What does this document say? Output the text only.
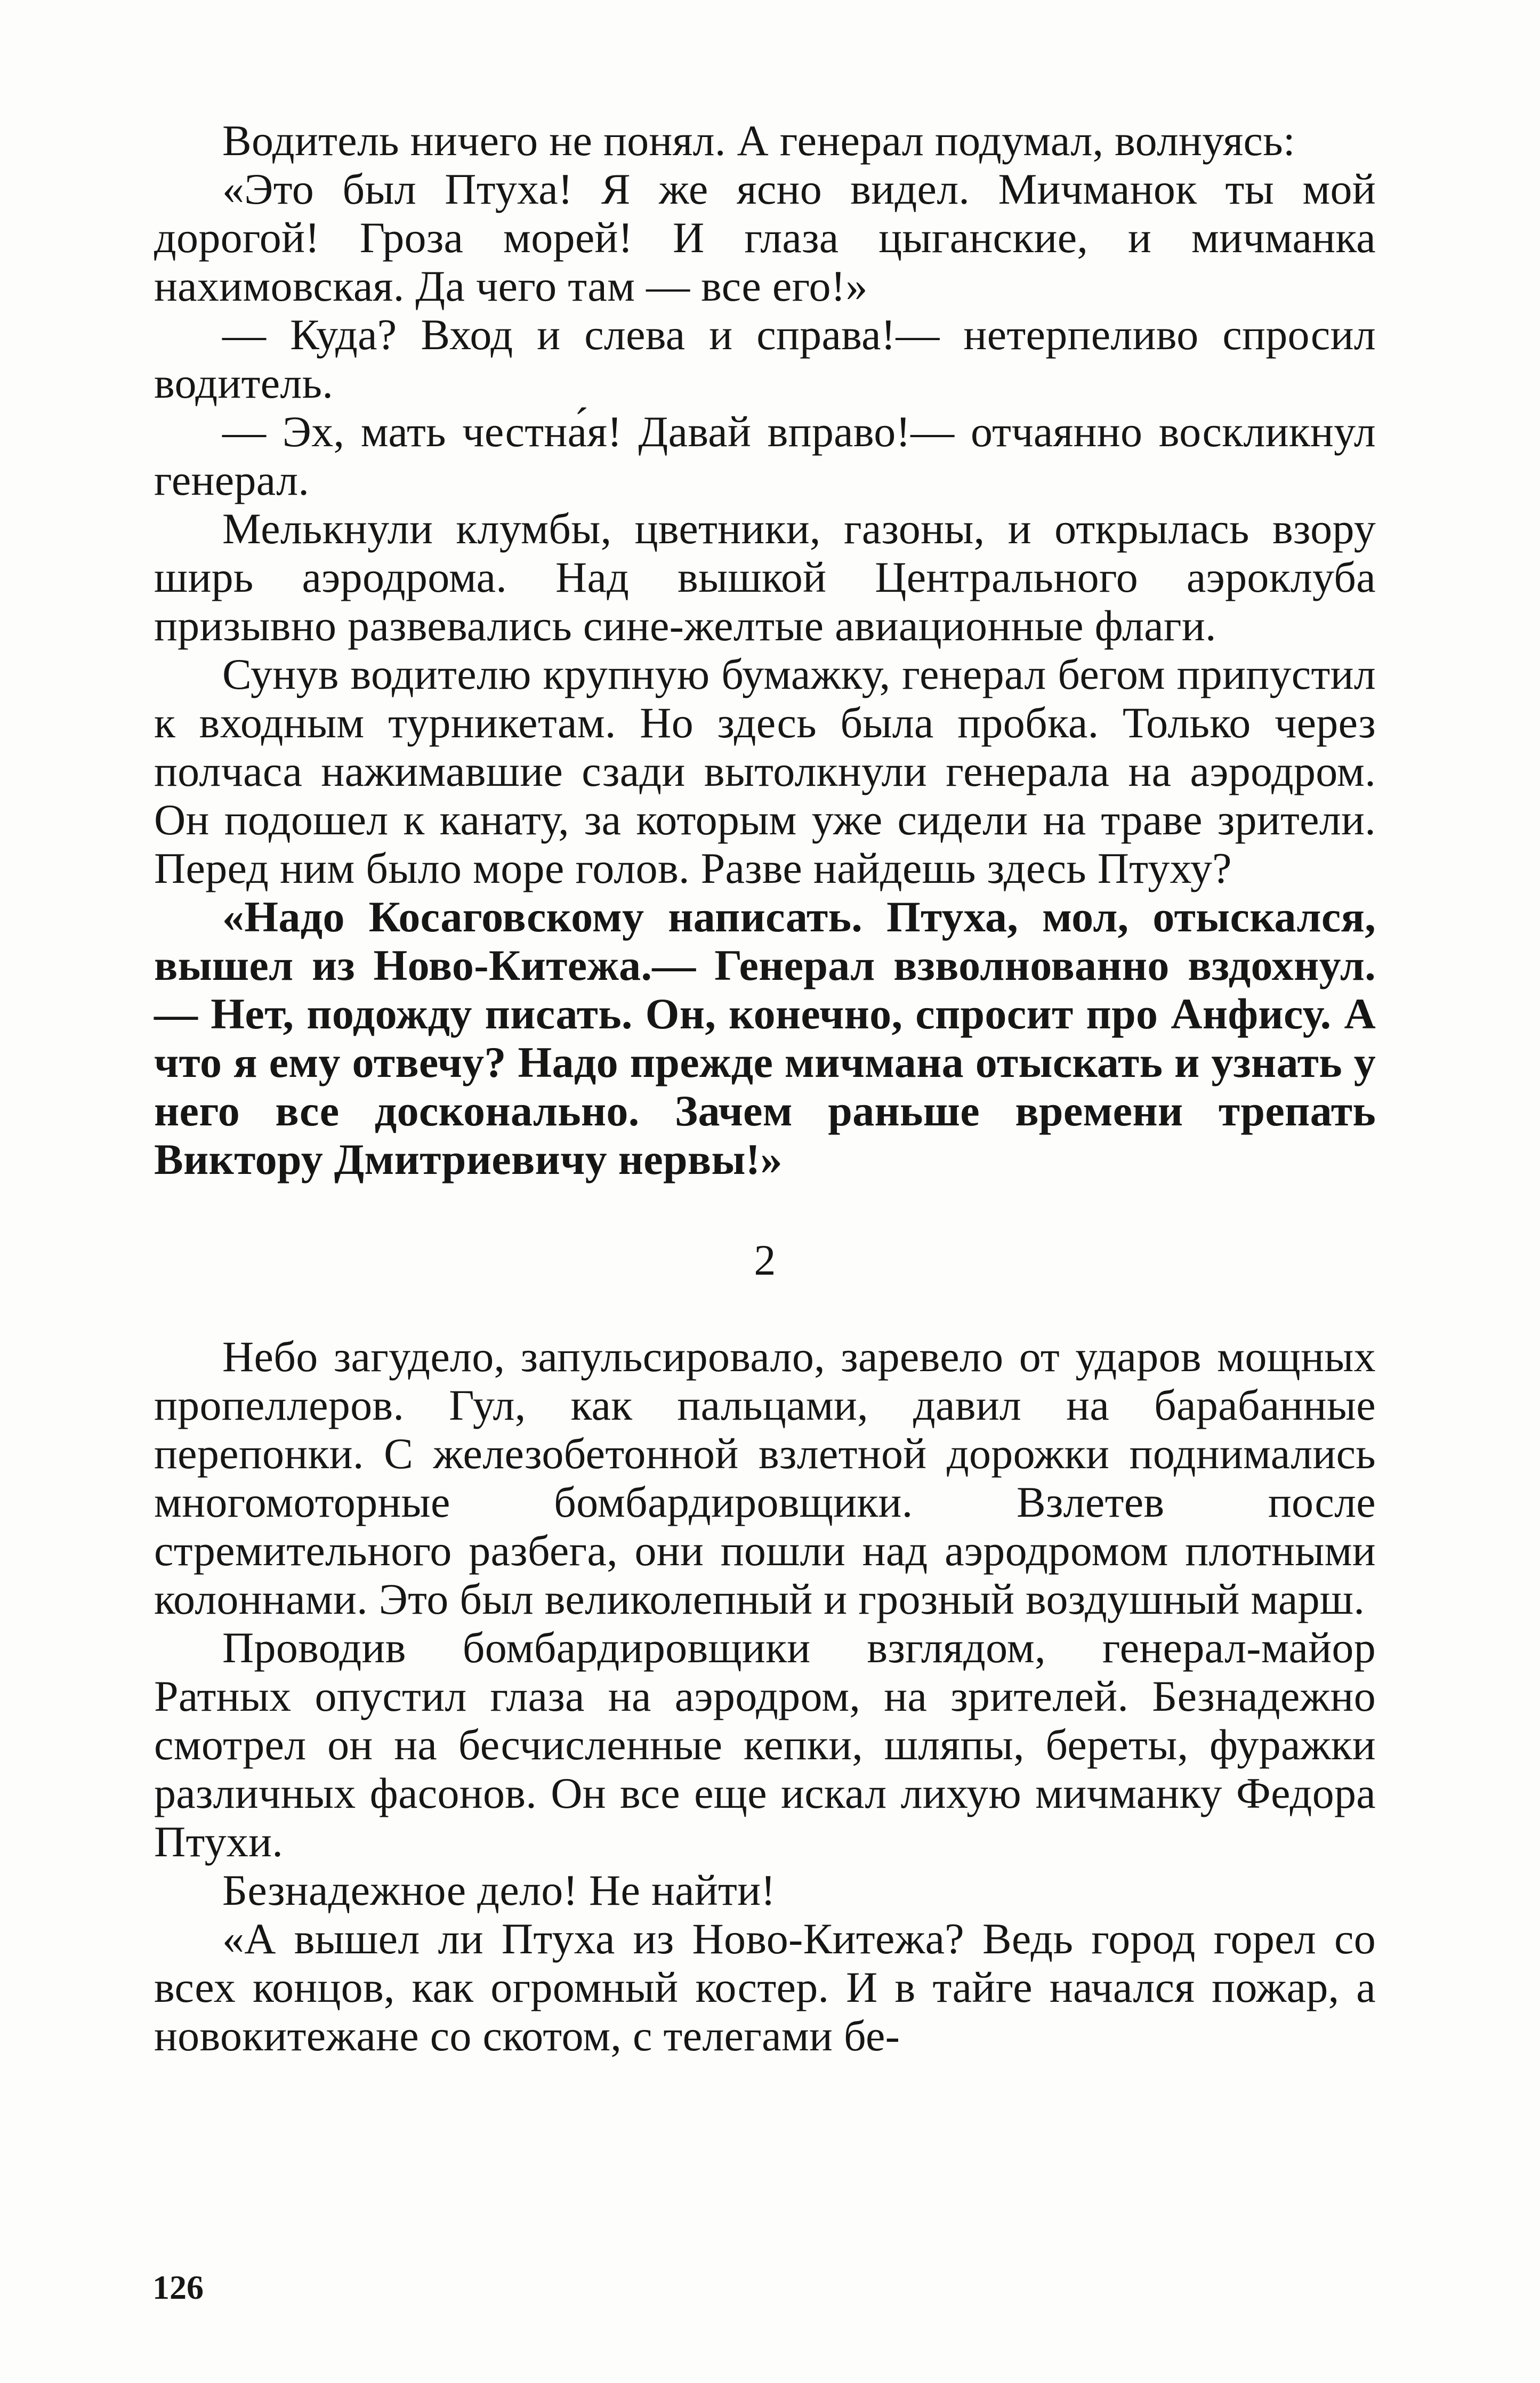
Водитель ничего не понял. А генерал подумал, волнуясь:

«Это был Птуха! Я же ясно видел. Мичманок ты мой дорогой! Гроза морей! И глаза цыганские, и мичманка нахимовская. Да чего там — все его!»

— Куда? Вход и слева и справа!— нетерпеливо спросил водитель.

— Эх, мать честна́я! Давай вправо!— отчаянно воскликнул генерал.

Мелькнули клумбы, цветники, газоны, и открылась взору ширь аэродрома. Над вышкой Центрального аэроклуба призывно развевались сине-желтые авиационные флаги.

Сунув водителю крупную бумажку, генерал бегом припустил к входным турникетам. Но здесь была пробка. Только через полчаса нажимавшие сзади вытолкнули генерала на аэродром. Он подошел к канату, за которым уже сидели на траве зрители. Перед ним было море голов. Разве найдешь здесь Птуху?

«Надо Косаговскому написать. Птуха, мол, отыскался, вышел из Ново-Китежа.— Генерал взволнованно вздохнул.— Нет, подожду писать. Он, конечно, спросит про Анфису. А что я ему отвечу? Надо прежде мичмана отыскать и узнать у него все досконально. Зачем раньше времени трепать Виктору Дмитриевичу нервы!»

2

Небо загудело, запульсировало, заревело от ударов мощных пропеллеров. Гул, как пальцами, давил на барабанные перепонки. С железобетонной взлетной дорожки поднимались многомоторные бомбардировщики. Взлетев после стремительного разбега, они пошли над аэродромом плотными колоннами. Это был великолепный и грозный воздушный марш.

Проводив бомбардировщики взглядом, генерал-майор Ратных опустил глаза на аэродром, на зрителей. Безнадежно смотрел он на бесчисленные кепки, шляпы, береты, фуражки различных фасонов. Он все еще искал лихую мичманку Федора Птухи.

Безнадежное дело! Не найти!

«А вышел ли Птуха из Ново-Китежа? Ведь город горел со всех концов, как огромный костер. И в тайге начался пожар, а новокитежане со скотом, с телегами бе-

126
